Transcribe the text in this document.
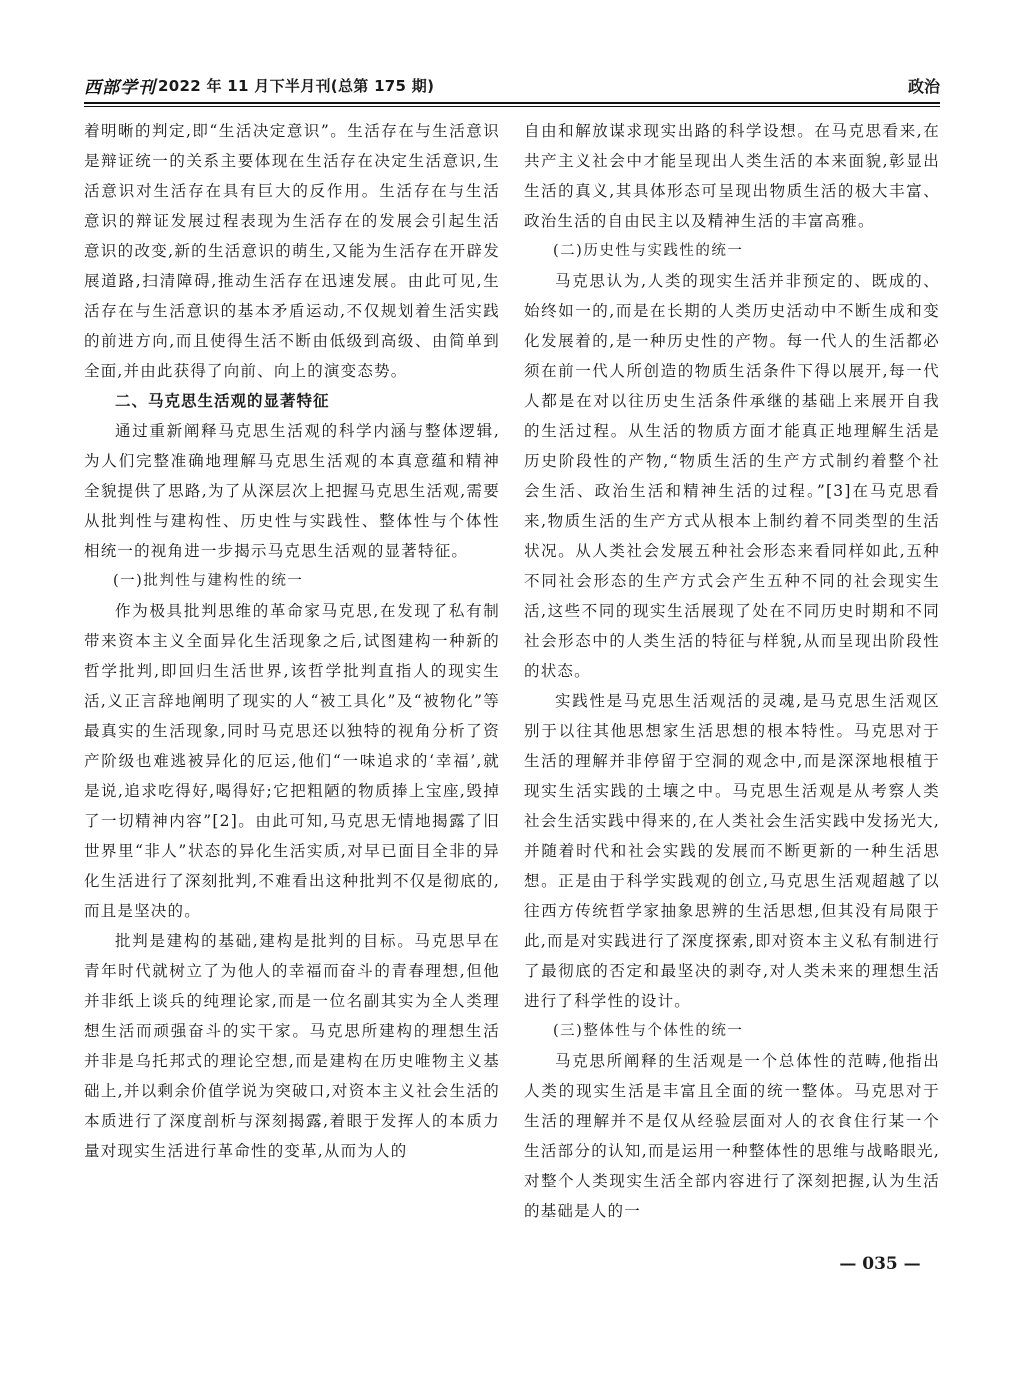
西部学刊 2022 年 11 月下半月刊(总第 175 期)	政治

着明晰的判定,即“生活决定意识”。生活存在与生活意识是辩证统一的关系主要体现在生活存在决定生活意识,生活意识对生活存在具有巨大的反作用。生活存在与生活意识的辩证发展过程表现为生活存在的发展会引起生活意识的改变,新的生活意识的萌生,又能为生活存在开辟发展道路,扫清障碍,推动生活存在迅速发展。由此可见,生活存在与生活意识的基本矛盾运动,不仅规划着生活实践的前进方向,而且使得生活不断由低级到高级、由简单到全面,并由此获得了向前、向上的演变态势。

二、马克思生活观的显著特征

通过重新阐释马克思生活观的科学内涵与整体逻辑,为人们完整准确地理解马克思生活观的本真意蕴和精神全貌提供了思路,为了从深层次上把握马克思生活观,需要从批判性与建构性、历史性与实践性、整体性与个体性相统一的视角进一步揭示马克思生活观的显著特征。

(一)批判性与建构性的统一

作为极具批判思维的革命家马克思,在发现了私有制带来资本主义全面异化生活现象之后,试图建构一种新的哲学批判,即回归生活世界,该哲学批判直指人的现实生活,义正言辞地阐明了现实的人“被工具化”及“被物化”等最真实的生活现象,同时马克思还以独特的视角分析了资产阶级也难逃被异化的厄运,他们“一味追求的‘幸福’,就是说,追求吃得好,喝得好;它把粗陋的物质捧上宝座,毁掉了一切精神内容”[2]。由此可知,马克思无情地揭露了旧世界里“非人”状态的异化生活实质,对早已面目全非的异化生活进行了深刻批判,不难看出这种批判不仅是彻底的,而且是坚决的。

批判是建构的基础,建构是批判的目标。马克思早在青年时代就树立了为他人的幸福而奋斗的青春理想,但他并非纸上谈兵的纯理论家,而是一位名副其实为全人类理想生活而顽强奋斗的实干家。马克思所建构的理想生活并非是乌托邦式的理论空想,而是建构在历史唯物主义基础上,并以剩余价值学说为突破口,对资本主义社会生活的本质进行了深度剖析与深刻揭露,着眼于发挥人的本质力量对现实生活进行革命性的变革,从而为人的

自由和解放谋求现实出路的科学设想。在马克思看来,在共产主义社会中才能呈现出人类生活的本来面貌,彰显出生活的真义,其具体形态可呈现出物质生活的极大丰富、政治生活的自由民主以及精神生活的丰富高雅。

(二)历史性与实践性的统一

马克思认为,人类的现实生活并非预定的、既成的、始终如一的,而是在长期的人类历史活动中不断生成和变化发展着的,是一种历史性的产物。每一代人的生活都必须在前一代人所创造的物质生活条件下得以展开,每一代人都是在对以往历史生活条件承继的基础上来展开自我的生活过程。从生活的物质方面才能真正地理解生活是历史阶段性的产物,“物质生活的生产方式制约着整个社会生活、政治生活和精神生活的过程。”[3]在马克思看来,物质生活的生产方式从根本上制约着不同类型的生活状况。从人类社会发展五种社会形态来看同样如此,五种不同社会形态的生产方式会产生五种不同的社会现实生活,这些不同的现实生活展现了处在不同历史时期和不同社会形态中的人类生活的特征与样貌,从而呈现出阶段性的状态。

实践性是马克思生活观活的灵魂,是马克思生活观区别于以往其他思想家生活思想的根本特性。马克思对于生活的理解并非停留于空洞的观念中,而是深深地根植于现实生活实践的土壤之中。马克思生活观是从考察人类社会生活实践中得来的,在人类社会生活实践中发扬光大,并随着时代和社会实践的发展而不断更新的一种生活思想。正是由于科学实践观的创立,马克思生活观超越了以往西方传统哲学家抽象思辨的生活思想,但其没有局限于此,而是对实践进行了深度探索,即对资本主义私有制进行了最彻底的否定和最坚决的剥夺,对人类未来的理想生活进行了科学性的设计。

(三)整体性与个体性的统一

马克思所阐释的生活观是一个总体性的范畴,他指出人类的现实生活是丰富且全面的统一整体。马克思对于生活的理解并不是仅从经验层面对人的衣食住行某一个生活部分的认知,而是运用一种整体性的思维与战略眼光,对整个人类现实生活全部内容进行了深刻把握,认为生活的基础是人的一

— 035 —
